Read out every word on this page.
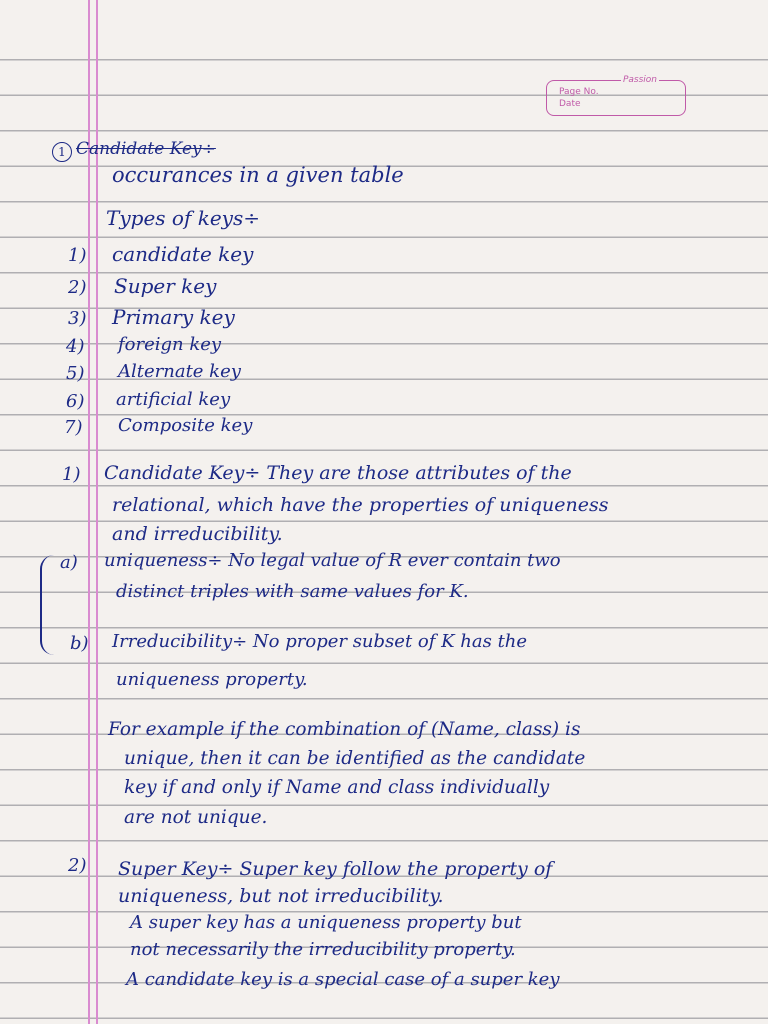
Passion
Page No.
Date
1 Candidate Key÷

occurances in a given table

Types of keys÷

1) candidate key

2) Super key

3) Primary key

4) foreign key

5) Alternate key

6) artificial key

7) Composite key

1) Candidate Key÷ They are those attributes of the

relational, which have the properties of uniqueness

and irreducibility.

a) uniqueness÷ No legal value of R ever contain two

distinct triples with same values for K.

b) Irreducibility÷ No proper subset of K has the

uniqueness property.

For example if the combination of (Name, class) is

unique, then it can be identified as the candidate

key if and only if Name and class individually

are not unique.

2) Super Key÷ Super key follow the property of

uniqueness, but not irreducibility.

A super key has a uniqueness property but

not necessarily the irreducibility property.

A candidate key is a special case of a super key
